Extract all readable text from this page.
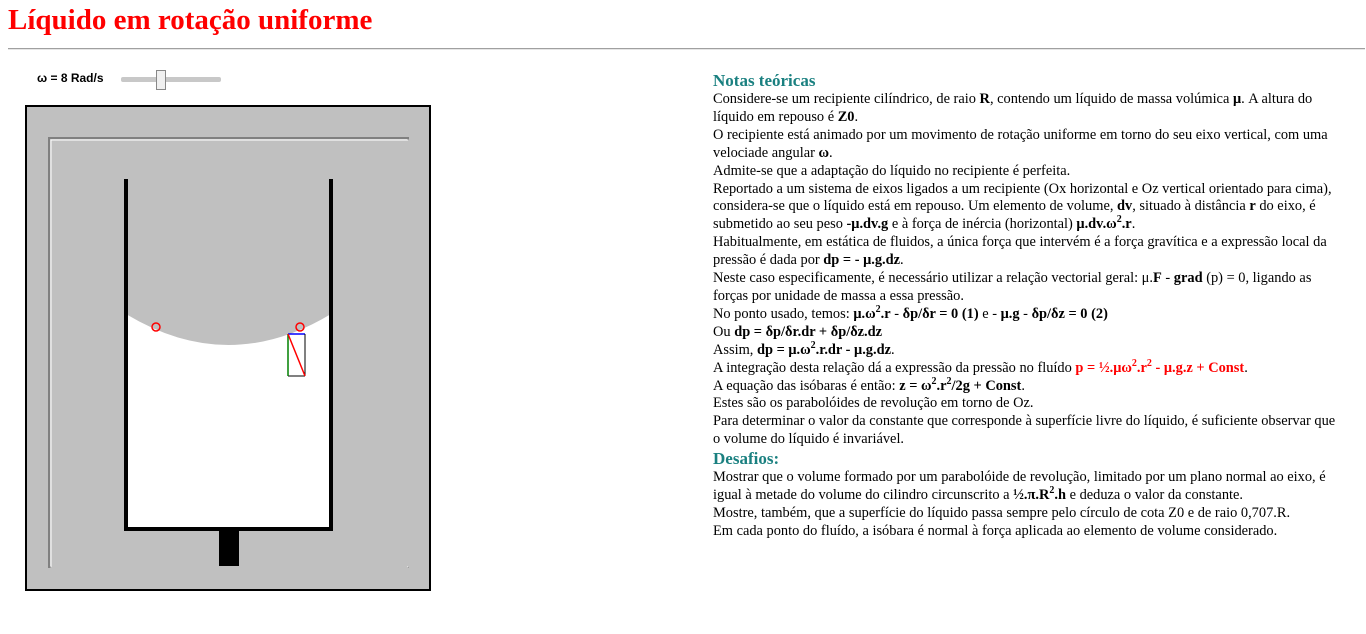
Líquido em rotação uniforme
ω = 8 Rad/s	Notas teóricas

Considere-se um recipiente cilíndrico, de raio R, contendo um líquido de massa volúmica μ. A altura do líquido em repouso é Z0.

O recipiente está animado por um movimento de rotação uniforme em torno do seu eixo vertical, com uma velociade angular ω.

Admite-se que a adaptação do líquido no recipiente é perfeita.

Reportado a um sistema de eixos ligados a um recipiente (Ox horizontal e Oz vertical orientado para cima), considera-se que o líquido está em repouso. Um elemento de volume, dv, situado à distância r do eixo, é submetido ao seu peso -μ.dv.g e à força de inércia (horizontal) $\mu.dv.\omega^2.r$.

Habitualmente, em estática de fluidos, a única força que intervém é a força gravítica e a expressão local da pressão é dada por dp = - μ.g.dz.

Neste caso especificamente, é necessário utilizar a relação vectorial geral: μ.F - grad (p) = 0, ligando as forças por unidade de massa a essa pressão.

No ponto usado, temos: $\mu.\omega^2.r - \delta p/\delta r = 0$ (1) e - μ.g - δp/δz = 0 (2)

Ou dp = δp/δr.dr + δp/δz.dz

Assim, dp = $\mu.\omega^2.r.dr - \mu.g.dz$.

A integração desta relação dá a expressão da pressão no fluído $p = \frac{1}{2}.\mu\omega^2.r^2 - \mu.g.z$ + Const.

A equação das isóbaras é então: $z = \omega^2.r^2/2g$ + Const.

Estes são os parabolóides de revolução em torno de Oz.

Para determinar o valor da constante que corresponde à superfície livre do líquido, é suficiente observar que o volume do líquido é invariável.

Desafios:

Mostrar que o volume formado por um parabolóide de revolução, limitado por um plano normal ao eixo, é igual à metade do volume do cilindro circunscrito a $\frac{1}{2}.\pi.R^2.h$ e deduza o valor da constante.

Mostre, também, que a superfície do líquido passa sempre pelo círculo de cota Z0 e de raio 0,707.R.

Em cada ponto do fluído, a isóbara é normal à força aplicada ao elemento de volume considerado.
